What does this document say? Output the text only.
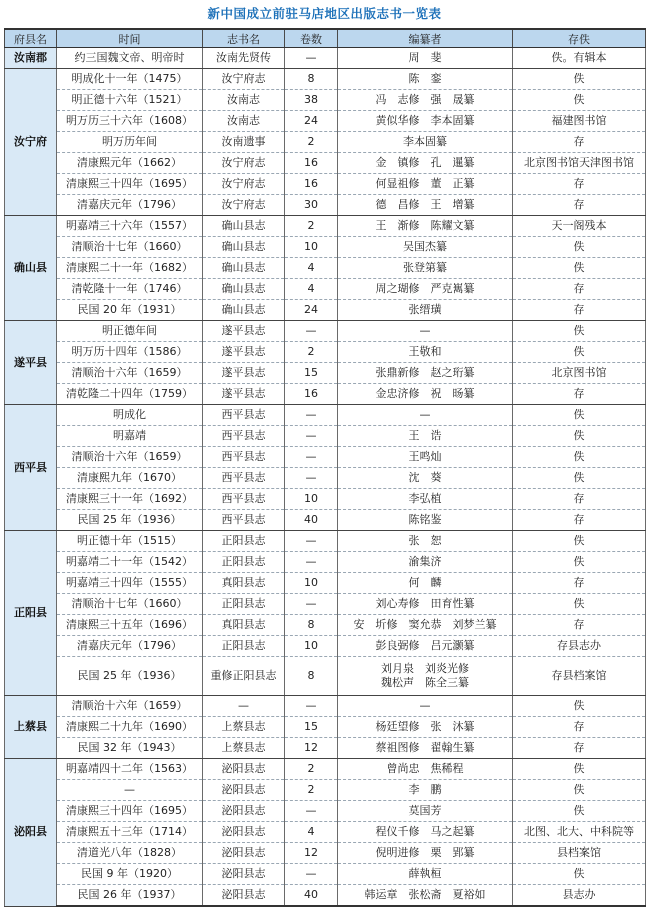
新中国成立前驻马店地区出版志书一览表
府县名	时间	志书名	卷数	编纂者	存佚
汝南郡	约三国魏文帝、明帝时	汝南先贤传	—	周　斐	佚。有辑本
汝宁府	明成化十一年（1475）	汝宁府志	8	陈　銮	佚
	明正德十六年（1521）	汝南志	38	冯　志修　强　晟纂	佚
	明万历三十六年（1608）	汝南志	24	黄似华修　李本固纂	福建图书馆
	明万历年间	汝南遗事	2	李本固纂	存
	清康熙元年（1662）	汝宁府志	16	金　镇修　孔　暹纂	北京图书馆天津图书馆
	清康熙三十四年（1695）	汝宁府志	16	何显祖修　董　正纂	存
	清嘉庆元年（1796）	汝宁府志	30	德　昌修　王　增纂	存
确山县	明嘉靖三十六年（1557）	确山县志	2	王　渐修　陈耀文纂	天一阁残本
	清顺治十七年（1660）	确山县志	10	吴国杰纂	佚
	清康熙二十一年（1682）	确山县志	4	张登第纂	佚
	清乾隆十一年（1746）	确山县志	4	周之瑚修　严克嶲纂	存
	民国 20 年（1931）	确山县志	24	张缙璜	存
遂平县	明正德年间	遂平县志	—	—	佚
	明万历十四年（1586）	遂平县志	2	王敬和	佚
	清顺治十六年（1659）	遂平县志	15	张鼎新修　赵之珩纂	北京图书馆
	清乾隆二十四年（1759）	遂平县志	16	金忠济修　祝　旸纂	存
西平县	明成化	西平县志	—	—	佚
	明嘉靖	西平县志	—	王　诰	佚
	清顺治十六年（1659）	西平县志	—	王鸣灿	佚
	清康熙九年（1670）	西平县志	—	沈　葵	佚
	清康熙三十一年（1692）	西平县志	10	李弘植	存
	民国 25 年（1936）	西平县志	40	陈铭鉴	存
正阳县	明正德十年（1515）	正阳县志	—	张　恕	佚
	明嘉靖二十一年（1542）	正阳县志	—	渝集济	佚
	明嘉靖三十四年（1555）	真阳县志	10	何　麟	存
	清顺治十七年（1660）	正阳县志	—	刘心寿修　田育性纂	佚
	清康熙三十五年（1696）	真阳县志	8	安　圻修　窦允恭　刘梦兰纂	存
	清嘉庆元年（1796）	正阳县志	10	彭良弼修　吕元灏纂	存县志办
	民国 25 年（1936）	重修正阳县志	8	刘月泉　刘炎光修
魏松声　陈全三纂	存县档案馆
上蔡县	清顺治十六年（1659）	—	—	—	佚
	清康熙二十九年（1690）	上蔡县志	15	杨廷望修　张　沐纂	存
	民国 32 年（1943）	上蔡县志	12	蔡祖图修　翟翰生纂	存
泌阳县	明嘉靖四十二年（1563）	泌阳县志	2	曾尚忠　焦稀程	佚
	—	泌阳县志	2	李　鹏	佚
	清康熙三十四年（1695）	泌阳县志	—	莫国芳	佚
	清康熙五十三年（1714）	泌阳县志	4	程仪千修　马之起纂	北图、北大、中科院等
	清道光八年（1828）	泌阳县志	12	倪明进修　栗　郢纂	县档案馆
	民国 9 年（1920）	泌阳县志	—	薛執桓	佚
	民国 26 年（1937）	泌阳县志	40	韩运章　张松斋　夏裕如	县志办
